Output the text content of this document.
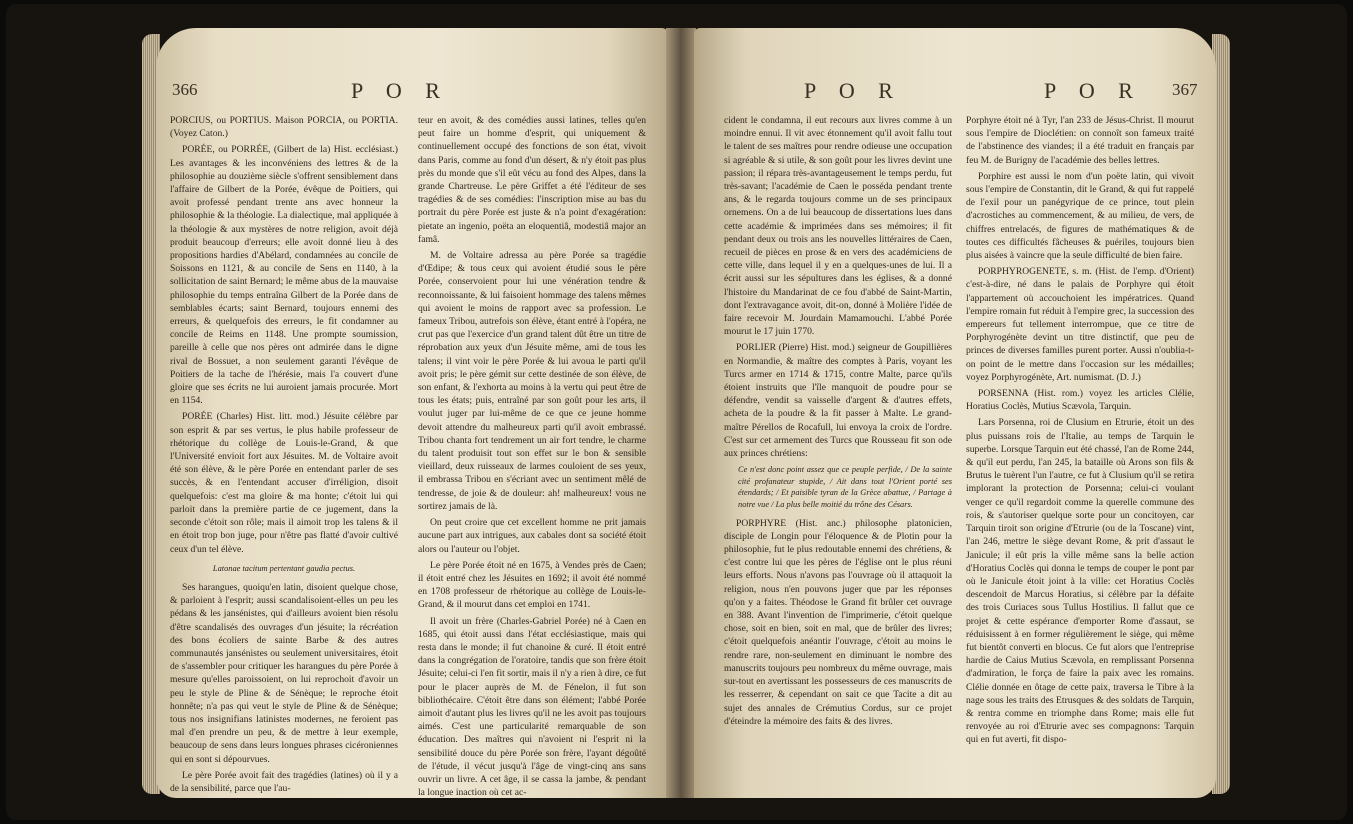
366	P O R

PORCIUS, ou PORTIUS. Maison PORCIA, ou PORTIA. (Voyez Caton.)

PORÉE, ou PORRÉE, (Gilbert de la) Hist. ecclésiast.) Les avantages & les inconvéniens des lettres & de la philosophie au douzième siècle s'offrent sensiblement dans l'affaire de Gilbert de la Porée, évêque de Poitiers, qui avoit professé pendant trente ans avec honneur la philosophie & la théologie. La dialectique, mal appliquée à la théologie & aux mystères de notre religion, avoit déjà produit beaucoup d'erreurs; elle avoit donné lieu à des propositions hardies d'Abélard, condamnées au concile de Soissons en 1121, & au concile de Sens en 1140, à la sollicitation de saint Bernard; le même abus de la mauvaise philosophie du temps entraîna Gilbert de la Porée dans de semblables écarts; saint Bernard, toujours ennemi des erreurs, & quelquefois des erreurs, le fit condamner au concile de Reims en 1148. Une prompte soumission, pareille à celle que nos pères ont admirée dans le digne rival de Bossuet, a non seulement garanti l'évêque de Poitiers de la tache de l'hérésie, mais l'a couvert d'une gloire que ses écrits ne lui auroient jamais procurée. Mort en 1154.

PORÉE (Charles) Hist. litt. mod.) Jésuite célèbre par son esprit & par ses vertus, le plus habile professeur de rhétorique du collège de Louis-le-Grand, & que l'Université envioit fort aux Jésuites. M. de Voltaire avoit été son élève, & le père Porée en entendant parler de ses succès, & en l'entendant accuser d'irréligion, disoit quelquefois: c'est ma gloire & ma honte; c'étoit lui qui parloit dans la première partie de ce jugement, dans la seconde c'étoit son rôle; mais il aimoit trop les talens & il en étoit trop bon juge, pour n'être pas flatté d'avoir cultivé ceux d'un tel élève.

Latonae tacitum pertentant gaudia pectus.

Ses harangues, quoiqu'en latin, disoient quelque chose, & parloient à l'esprit; aussi scandalisoient-elles un peu les pédans & les jansénistes, qui d'ailleurs avoient bien résolu d'être scandalisés des ouvrages d'un jésuite; la récréation des bons écoliers de sainte Barbe & des autres communautés jansénistes ou seulement universitaires, étoit de s'assembler pour critiquer les harangues du père Porée à mesure qu'elles paroissoient, on lui reprochoit d'avoir un peu le style de Pline & de Sénèque; le reproche étoit honnête; n'a pas qui veut le style de Pline & de Sénèque; tous nos insignifians latinistes modernes, ne feroient pas mal d'en prendre un peu, & de mettre à leur exemple, beaucoup de sens dans leurs longues phrases cicéroniennes qui en sont si dépourvues.

Le père Porée avoit fait des tragédies (latines) où il y a de la sensibilité, parce que l'au-

teur en avoit, & des comédies aussi latines, telles qu'en peut faire un homme d'esprit, qui uniquement & continuellement occupé des fonctions de son état, vivoit dans Paris, comme au fond d'un désert, & n'y étoit pas plus près du monde que s'il eût vécu au fond des Alpes, dans la grande Chartreuse. Le père Griffet a été l'éditeur de ses tragédies & de ses comédies: l'inscription mise au bas du portrait du père Porée est juste & n'a point d'exagération: pietate an ingenio, poëta an eloquentiâ, modestiâ major an famâ.

M. de Voltaire adressa au père Porée sa tragédie d'Œdipe; & tous ceux qui avoient étudié sous le père Porée, conservoient pour lui une vénération tendre & reconnoissante, & lui faisoient hommage des talens mêmes qui avoient le moins de rapport avec sa profession. Le fameux Tribou, autrefois son élève, étant entré à l'opéra, ne crut pas que l'exercice d'un grand talent dût être un titre de réprobation aux yeux d'un Jésuite même, ami de tous les talens; il vint voir le père Porée & lui avoua le parti qu'il avoit pris; le père gémit sur cette destinée de son élève, de son enfant, & l'exhorta au moins à la vertu qui peut être de tous les états; puis, entraîné par son goût pour les arts, il voulut juger par lui-même de ce que ce jeune homme devoit attendre du malheureux parti qu'il avoit embrassé. Tribou chanta fort tendrement un air fort tendre, le charme du talent produisit tout son effet sur le bon & sensible vieillard, deux ruisseaux de larmes couloient de ses yeux, il embrassa Tribou en s'écriant avec un sentiment mêlé de tendresse, de joie & de douleur: ah! malheureux! vous ne sortirez jamais de là.

On peut croire que cet excellent homme ne prit jamais aucune part aux intrigues, aux cabales dont sa société étoit alors ou l'auteur ou l'objet.

Le père Porée étoit né en 1675, à Vendes près de Caen; il étoit entré chez les Jésuites en 1692; il avoit été nommé en 1708 professeur de rhétorique au collège de Louis-le-Grand, & il mourut dans cet emploi en 1741.

Il avoit un frère (Charles-Gabriel Porée) né à Caen en 1685, qui étoit aussi dans l'état ecclésiastique, mais qui resta dans le monde; il fut chanoine & curé. Il étoit entré dans la congrégation de l'oratoire, tandis que son frère étoit Jésuite; celui-ci l'en fit sortir, mais il n'y a rien à dire, ce fut pour le placer auprès de M. de Fénelon, il fut son bibliothécaire. C'étoit être dans son élément; l'abbé Porée aimoit d'autant plus les livres qu'il ne les avoit pas toujours aimés. C'est une particularité remarquable de son éducation. Des maîtres qui n'avoient ni l'esprit ni la sensibilité douce du père Porée son frère, l'ayant dégoûté de l'étude, il vécut jusqu'à l'âge de vingt-cinq ans sans ouvrir un livre. A cet âge, il se cassa la jambe, & pendant la longue inaction où cet ac-

P O R	P O R 367

cident le condamna, il eut recours aux livres comme à un moindre ennui. Il vit avec étonnement qu'il avoit fallu tout le talent de ses maîtres pour rendre odieuse une occupation si agréable & si utile, & son goût pour les livres devint une passion; il répara très-avantageusement le temps perdu, fut très-savant; l'académie de Caen le posséda pendant trente ans, & le regarda toujours comme un de ses principaux ornemens. On a de lui beaucoup de dissertations lues dans cette académie & imprimées dans ses mémoires; il fit pendant deux ou trois ans les nouvelles littéraires de Caen, recueil de pièces en prose & en vers des académiciens de cette ville, dans lequel il y en a quelques-unes de lui. Il a écrit aussi sur les sépultures dans les églises, & a donné l'histoire du Mandarinat de ce fou d'abbé de Saint-Martin, dont l'extravagance avoit, dit-on, donné à Molière l'idée de faire recevoir M. Jourdain Mamamouchi. L'abbé Porée mourut le 17 juin 1770.

PORLIER (Pierre) Hist. mod.) seigneur de Goupillières en Normandie, & maître des comptes à Paris, voyant les Turcs armer en 1714 & 1715, contre Malte, parce qu'ils étoient instruits que l'île manquoit de poudre pour se défendre, vendit sa vaisselle d'argent & d'autres effets, acheta de la poudre & la fit passer à Malte. Le grand-maître Pérellos de Rocafull, lui envoya la croix de l'ordre. C'est sur cet armement des Turcs que Rousseau fit son ode aux princes chrétiens:

Ce n'est donc point assez que ce peuple perfide, / De la sainte cité profanateur stupide, / Ait dans tout l'Orient porté ses étendards; / Et paisible tyran de la Grèce abattue, / Partage à notre vue / La plus belle moitié du trône des Césars.

PORPHYRE (Hist. anc.) philosophe platonicien, disciple de Longin pour l'éloquence & de Plotin pour la philosophie, fut le plus redoutable ennemi des chrétiens, & c'est contre lui que les pères de l'église ont le plus réuni leurs efforts. Nous n'avons pas l'ouvrage où il attaquoit la religion, nous n'en pouvons juger que par les réponses qu'on y a faites. Théodose le Grand fit brûler cet ouvrage en 388. Avant l'invention de l'imprimerie, c'étoit quelque chose, soit en bien, soit en mal, que de brûler des livres; c'étoit quelquefois anéantir l'ouvrage, c'étoit au moins le rendre rare, non-seulement en diminuant le nombre des manuscrits toujours peu nombreux du même ouvrage, mais sur-tout en avertissant les possesseurs de ces manuscrits de les resserrer, & cependant on sait ce que Tacite a dit au sujet des annales de Crémutius Cordus, sur ce projet d'éteindre la mémoire des faits & des livres.

Porphyre étoit né à Tyr, l'an 233 de Jésus-Christ. Il mourut sous l'empire de Dioclétien: on connoît son fameux traité de l'abstinence des viandes; il a été traduit en français par feu M. de Burigny de l'académie des belles lettres.

Porphire est aussi le nom d'un poëte latin, qui vivoit sous l'empire de Constantin, dit le Grand, & qui fut rappelé de l'exil pour un panégyrique de ce prince, tout plein d'acrostiches au commencement, & au milieu, de vers, de chiffres entrelacés, de figures de mathématiques & de toutes ces difficultés fâcheuses & puériles, toujours bien plus aisées à vaincre que la seule difficulté de bien faire.

PORPHYROGENETE, s. m. (Hist. de l'emp. d'Orient) c'est-à-dire, né dans le palais de Porphyre qui étoit l'appartement où accouchoient les impératrices. Quand l'empire romain fut réduit à l'empire grec, la succession des empereurs fut tellement interrompue, que ce titre de Porphyrogénète devint un titre distinctif, que peu de princes de diverses familles purent porter. Aussi n'oublia-t-on point de le mettre dans l'occasion sur les médailles; voyez Porphyrogénète, Art. numismat. (D. J.)

PORSENNA (Hist. rom.) voyez les articles Clélie, Horatius Coclès, Mutius Scævola, Tarquin.

Lars Porsenna, roi de Clusium en Etrurie, étoit un des plus puissans rois de l'Italie, au temps de Tarquin le superbe. Lorsque Tarquin eut été chassé, l'an de Rome 244, & qu'il eut perdu, l'an 245, la bataille où Arons son fils & Brutus le tuèrent l'un l'autre, ce fut à Clusium qu'il se retira implorant la protection de Porsenna; celui-ci voulant venger ce qu'il regardoit comme la querelle commune des rois, & s'autoriser quelque sorte pour un concitoyen, car Tarquin tiroit son origine d'Etrurie (ou de la Toscane) vint, l'an 246, mettre le siège devant Rome, & prit d'assaut le Janicule; il eût pris la ville même sans la belle action d'Horatius Coclès qui donna le temps de couper le pont par où le Janicule étoit joint à la ville: cet Horatius Coclès descendoit de Marcus Horatius, si célèbre par la défaite des trois Curiaces sous Tullus Hostilius. Il fallut que ce projet & cette espérance d'emporter Rome d'assaut, se réduisissent à en former régulièrement le siège, qui même fut bientôt converti en blocus. Ce fut alors que l'entreprise hardie de Caius Mutius Scævola, en remplissant Porsenna d'admiration, le força de faire la paix avec les romains. Clélie donnée en ôtage de cette paix, traversa le Tibre à la nage sous les traits des Etrusques & des soldats de Tarquin, & rentra comme en triomphe dans Rome; mais elle fut renvoyée au roi d'Etrurie avec ses compagnons: Tarquin qui en fut averti, fit dispo-
